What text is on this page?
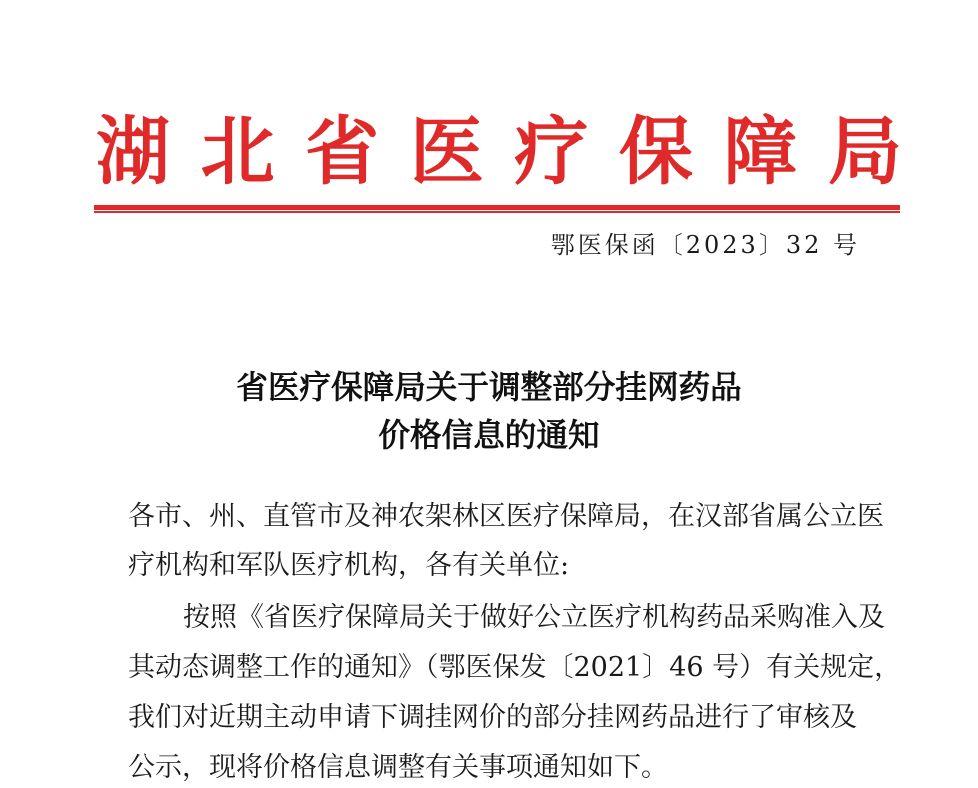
湖 北 省 医 疗 保 障 局
鄂医保函〔2023〕32 号
省医疗保障局关于调整部分挂网药品
价格信息的通知
各市、州、直管市及神农架林区医疗保障局，在汉部省属公立医
疗机构和军队医疗机构，各有关单位:
按照《省医疗保障局关于做好公立医疗机构药品采购准入及
其动态调整工作的通知》（鄂医保发〔2021〕46 号）有关规定，
我们对近期主动申请下调挂网价的部分挂网药品进行了审核及
公示，现将价格信息调整有关事项通知如下。
